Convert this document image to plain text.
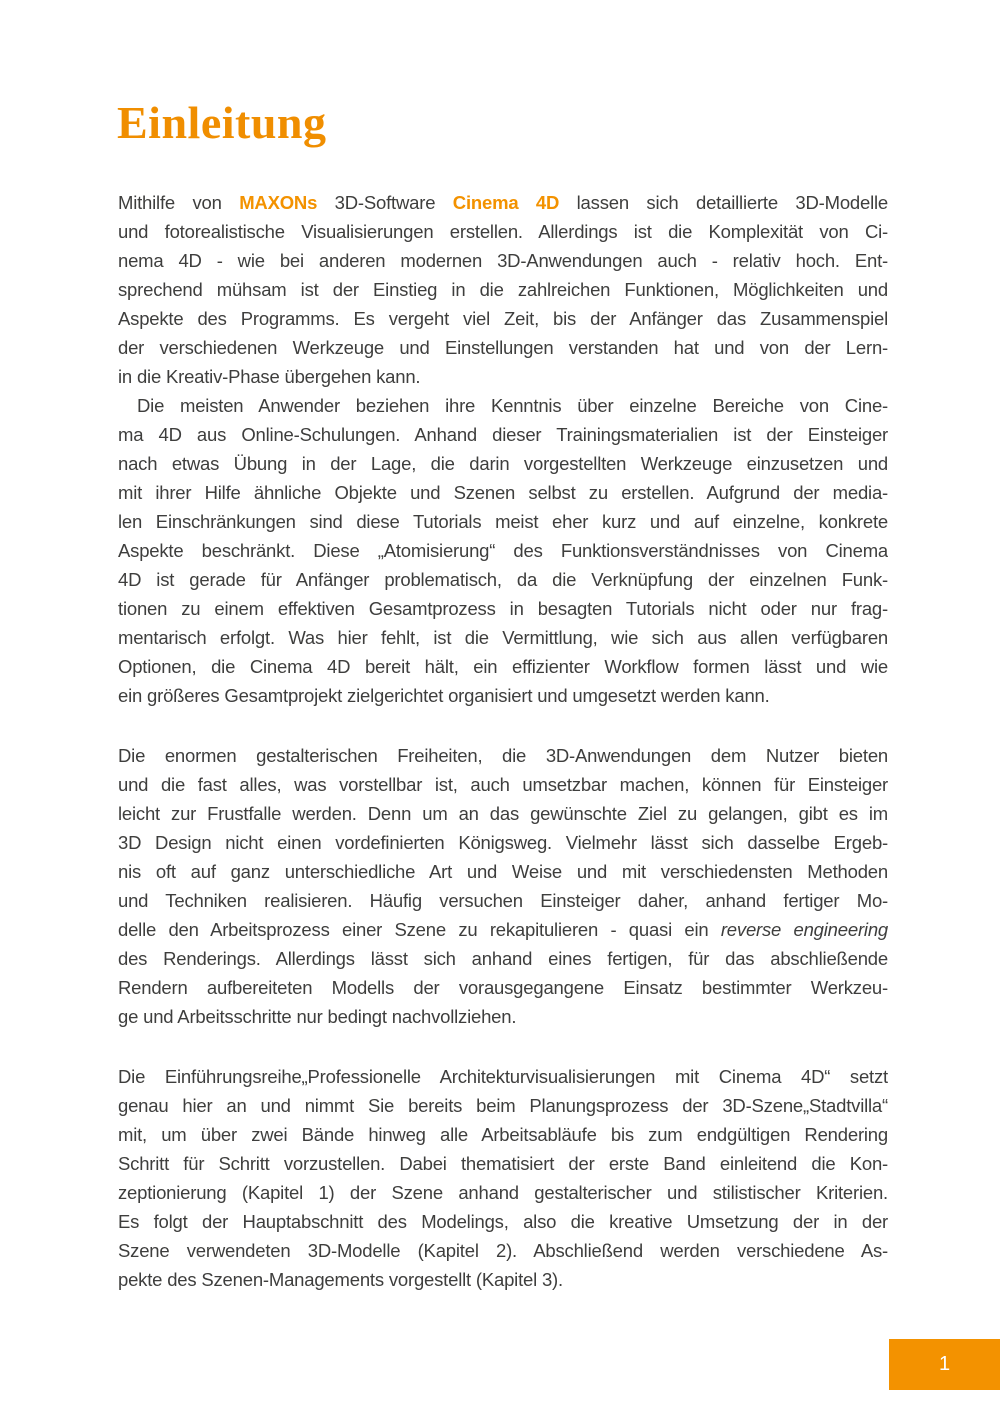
Einleitung
Mithilfe von MAXONs 3D-Software Cinema 4D lassen sich detaillierte 3D-Modelle
und fotorealistische Visualisierungen erstellen. Allerdings ist die Komplexität von Ci-
nema 4D - wie bei anderen modernen 3D-Anwendungen auch - relativ hoch. Ent-
sprechend mühsam ist der Einstieg in die zahlreichen Funktionen, Möglichkeiten und
Aspekte des Programms. Es vergeht viel Zeit, bis der Anfänger das Zusammenspiel
der verschiedenen Werkzeuge und Einstellungen verstanden hat und von der Lern-
in die Kreativ-Phase übergehen kann.
Die meisten Anwender beziehen ihre Kenntnis über einzelne Bereiche von Cine-
ma 4D aus Online-Schulungen. Anhand dieser Trainingsmaterialien ist der Einsteiger
nach etwas Übung in der Lage, die darin vorgestellten Werkzeuge einzusetzen und
mit ihrer Hilfe ähnliche Objekte und Szenen selbst zu erstellen. Aufgrund der media-
len Einschränkungen sind diese Tutorials meist eher kurz und auf einzelne, konkrete
Aspekte beschränkt. Diese „Atomisierung“ des Funktionsverständnisses von Cinema
4D ist gerade für Anfänger problematisch, da die Verknüpfung der einzelnen Funk-
tionen zu einem effektiven Gesamtprozess in besagten Tutorials nicht oder nur frag-
mentarisch erfolgt. Was hier fehlt, ist die Vermittlung, wie sich aus allen verfügbaren
Optionen, die Cinema 4D bereit hält, ein effizienter Workflow formen lässt und wie
ein größeres Gesamtprojekt zielgerichtet organisiert und umgesetzt werden kann.
Die enormen gestalterischen Freiheiten, die 3D-Anwendungen dem Nutzer bieten
und die fast alles, was vorstellbar ist, auch umsetzbar machen, können für Einsteiger
leicht zur Frustfalle werden. Denn um an das gewünschte Ziel zu gelangen, gibt es im
3D Design nicht einen vordefinierten Königsweg. Vielmehr lässt sich dasselbe Ergeb-
nis oft auf ganz unterschiedliche Art und Weise und mit verschiedensten Methoden
und Techniken realisieren. Häufig versuchen Einsteiger daher, anhand fertiger Mo-
delle den Arbeitsprozess einer Szene zu rekapitulieren - quasi ein reverse engineering
des Renderings. Allerdings lässt sich anhand eines fertigen, für das abschließende
Rendern aufbereiteten Modells der vorausgegangene Einsatz bestimmter Werkzeu-
ge und Arbeitsschritte nur bedingt nachvollziehen.
Die Einführungsreihe„Professionelle Architekturvisualisierungen mit Cinema 4D“ setzt
genau hier an und nimmt Sie bereits beim Planungsprozess der 3D-Szene„Stadtvilla“
mit, um über zwei Bände hinweg alle Arbeitsabläufe bis zum endgültigen Rendering
Schritt für Schritt vorzustellen. Dabei thematisiert der erste Band einleitend die Kon-
zeptionierung (Kapitel 1) der Szene anhand gestalterischer und stilistischer Kriterien.
Es folgt der Hauptabschnitt des Modelings, also die kreative Umsetzung der in der
Szene verwendeten 3D-Modelle (Kapitel 2). Abschließend werden verschiedene As-
pekte des Szenen-Managements vorgestellt (Kapitel 3).
1
